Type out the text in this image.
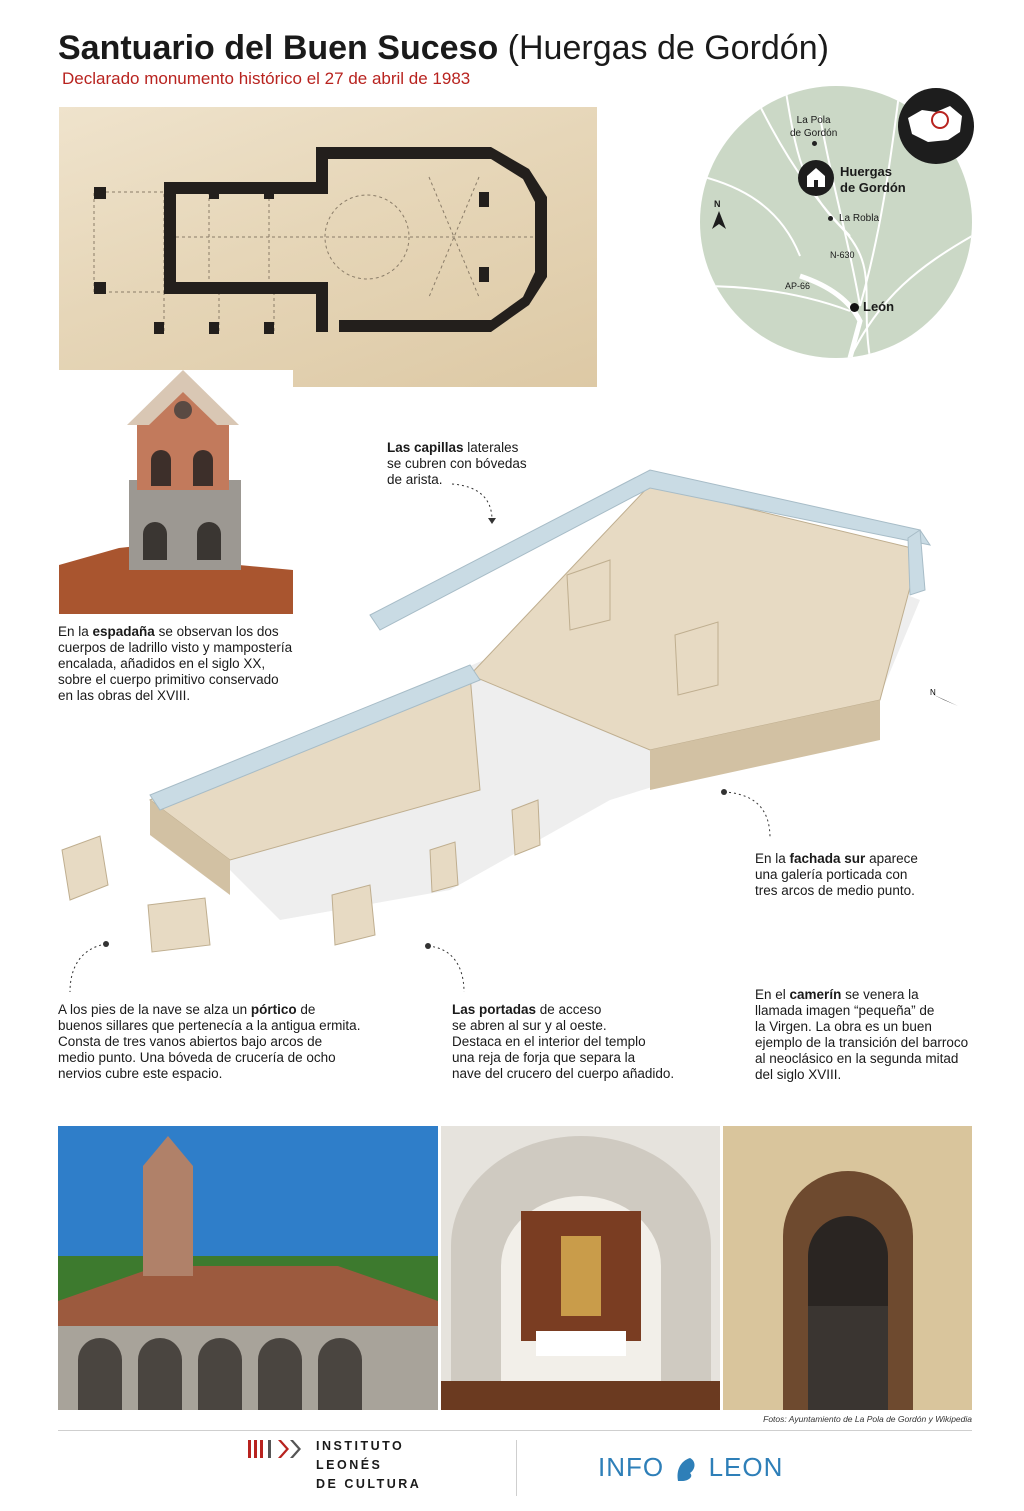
Santuario del Buen Suceso (Huergas de Gordón)
Declarado monumento histórico el 27 de abril de 1983
La Pola
de Gordón
Huergas
de Gordón
La Robla
N-630
AP-66
León
N
Las capillas laterales
se cubren con bóvedas
de arista.
En la espadaña se observan los dos
cuerpos de ladrillo visto y mampostería
encalada, añadidos en el siglo XX,
sobre el cuerpo primitivo conservado
en las obras del XVIII.	N
En la fachada sur aparece
una galería porticada con
tres arcos de medio punto.
A los pies de la nave se alza un pórtico de
buenos sillares que pertenecía a la antigua ermita.
Consta de tres vanos abiertos bajo arcos de
medio punto. Una bóveda de crucería de ocho
nervios cubre este espacio.
Las portadas de acceso
se abren al sur y al oeste.
Destaca en el interior del templo
una reja de forja que separa la
nave del crucero del cuerpo añadido.
En el camerín se venera la
llamada imagen “pequeña” de
la Virgen. La obra es un buen
ejemplo de la transición del barroco
al neoclásico en la segunda mitad
del siglo XVIII.
Fotos: Ayuntamiento de La Pola de Gordón y Wikipedia
INSTITUTO
LEONÉS
DE CULTURA
INFO LEON
